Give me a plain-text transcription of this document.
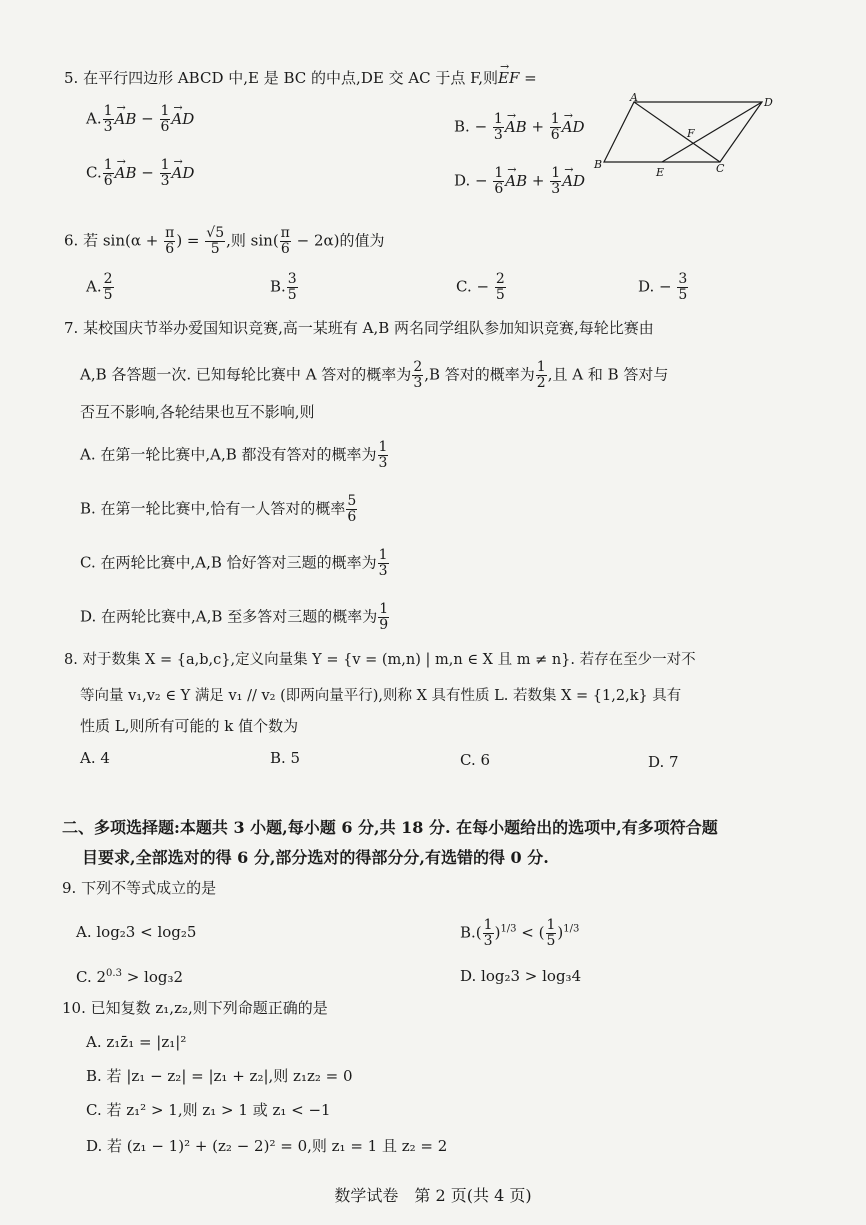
5. 在平行四边形 ABCD 中,E 是 BC 的中点,DE 交 AC 于点 F,则→ EF =
A. $\frac{1}{3}$ → AB − $\frac{1}{6}$ → AD	B. − $\frac{1}{3}$ → AB + $\frac{1}{6}$ → AD
C. $\frac{1}{6}$ → AB − $\frac{1}{3}$ → AD	D. − $\frac{1}{6}$ → AB + $\frac{1}{3}$ → AD
A	D
F
B
E	C
6. 若 $\sin(\alpha + \frac{\pi}{6}$ ) = $\frac{√5}{5}$ ,则 $\sin( \frac{\pi}{6} - 2\alpha)$的值为
A. $\frac{2}{5}$	B. $\frac{3}{5}$	C. − $\frac{2}{5}$	D. − $\frac{3}{5}$
7. 某校国庆节举办爱国知识竞赛,高一某班有 A,B 两名同学组队参加知识竞赛,每轮比赛由
A,B 各答题一次. 已知每轮比赛中 A 答对的概率为 $\frac{2}{3} ,B$ 答对的概率为 $\frac{1}{2}$ ,且 A 和 B 答对与
否互不影响,各轮结果也互不影响,则
A. 在第一轮比赛中,A,B 都没有答对的概率为 $\frac{1}{3}$
B. 在第一轮比赛中,恰有一人答对的概率 $\frac{5}{6}$
C. 在两轮比赛中,A,B 恰好答对三题的概率为 $\frac{1}{3}$
D. 在两轮比赛中,A,B 至多答对三题的概率为 $\frac{1}{9}$
8. 对于数集 X = {a,b,c},定义向量集 Y = {v = (m,n) | m,n ∈ X 且 m ≠ n}. 若存在至少一对不
等向量 v₁,v₂ ∈ Y 满足 v₁ // v₂ (即两向量平行),则称 X 具有性质 L. 若数集 X = {1,2,k} 具有
性质 L,则所有可能的 k 值个数为
A. 4	B. 5	C. 6	D. 7
二、多项选择题:本题共 3 小题,每小题 6 分,共 18 分. 在每小题给出的选项中,有多项符合题
目要求,全部选对的得 6 分,部分选对的得部分分,有选错的得 0 分.
9. 下列不等式成立的是
A. log₂3 < log₂5	$B.( \frac{1}{3} )^{1/3}$ < ( $\frac{1}{5} )^{1/3}$
C. $2^{0.3} > \log_32$	D. log₂3 > log₃4
10. 已知复数 z₁,z₂,则下列命题正确的是
A. z₁z̄₁ = |z₁|²
B. 若 |z₁ − z₂| = |z₁ + z₂|,则 z₁z₂ = 0
C. 若 z₁² > 1,则 z₁ > 1 或 z₁ < −1
D. 若 (z₁ − 1)² + (z₂ − 2)² = 0,则 z₁ = 1 且 z₂ = 2
数学试卷　第 2 页(共 4 页)
